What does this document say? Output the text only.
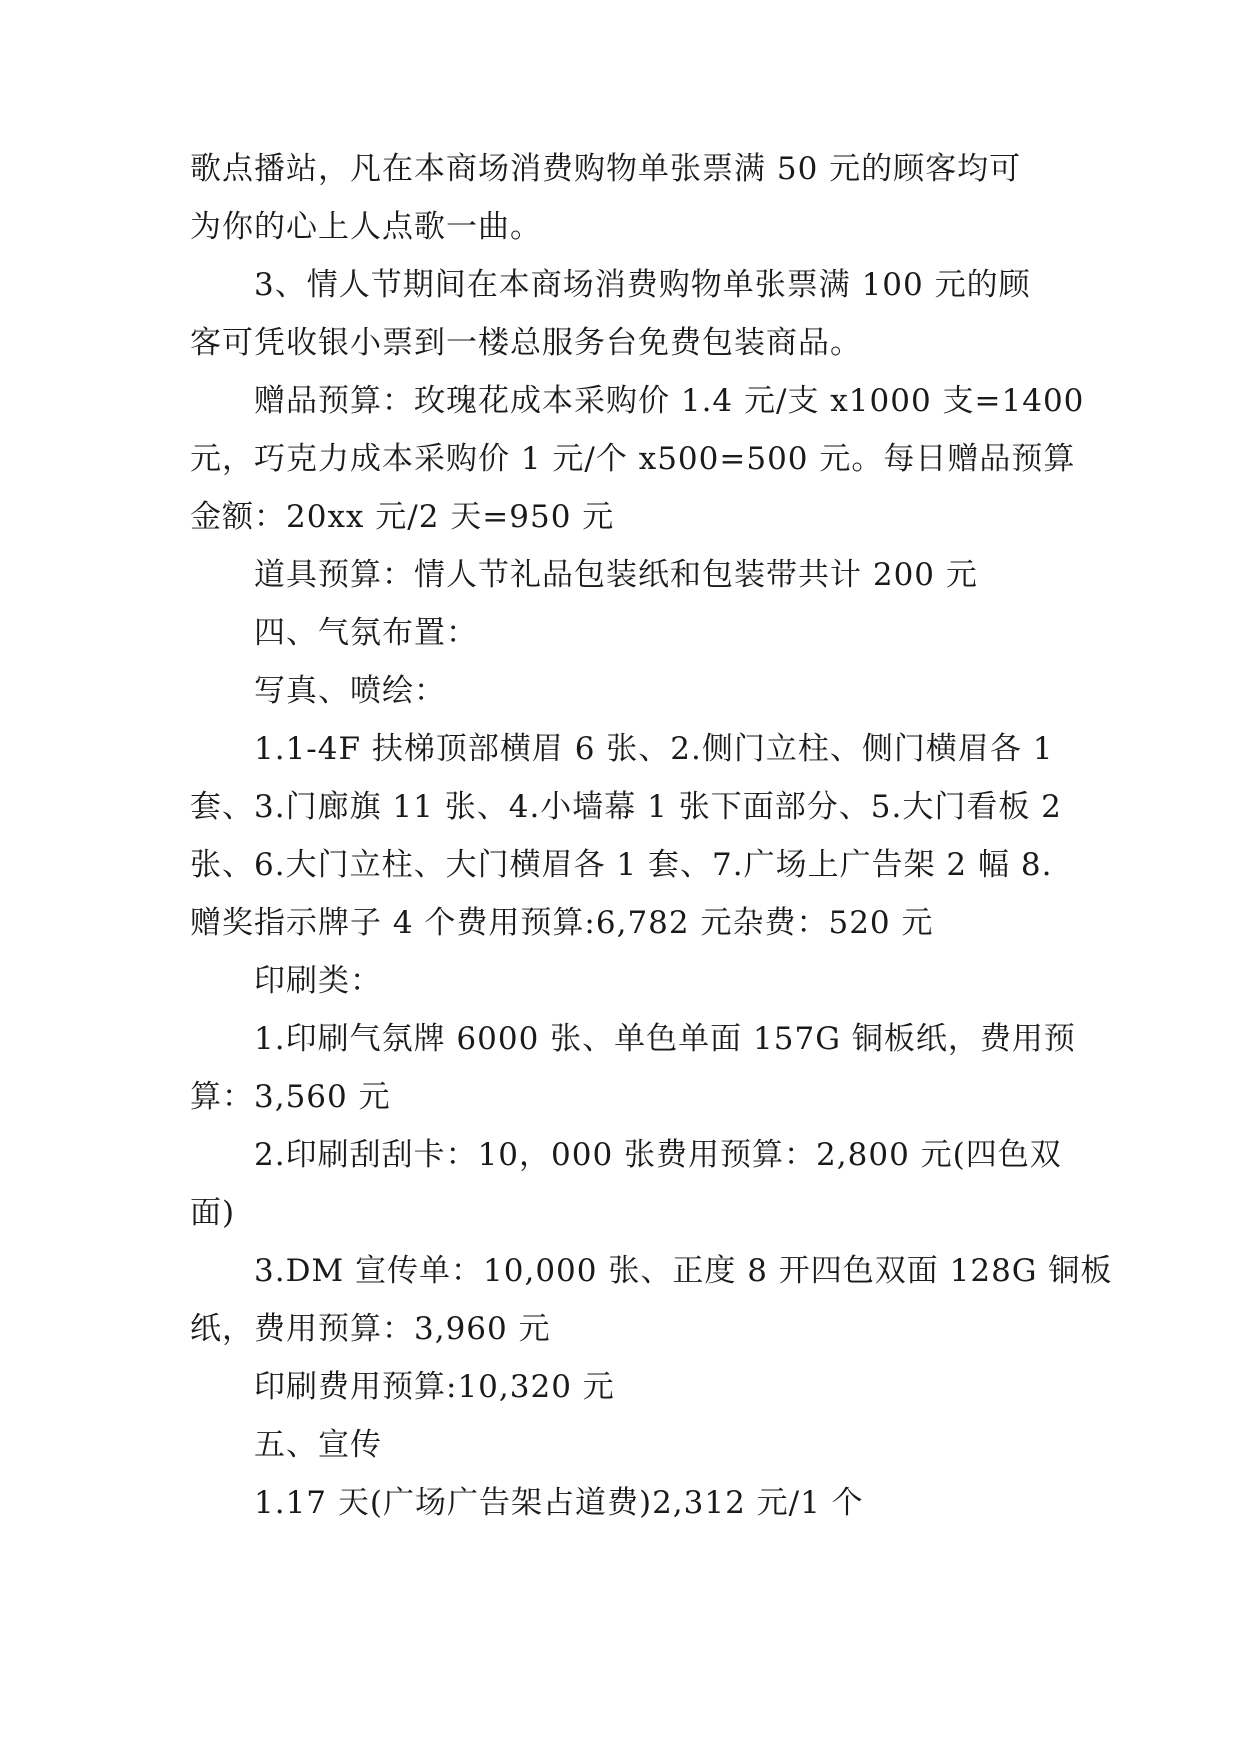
歌点播站，凡在本商场消费购物单张票满 50 元的顾客均可
为你的心上人点歌一曲。
3、情人节期间在本商场消费购物单张票满 100 元的顾
客可凭收银小票到一楼总服务台免费包装商品。
赠品预算：玫瑰花成本采购价 1.4 元/支 x1000 支=1400
元，巧克力成本采购价 1 元/个 x500=500 元。每日赠品预算
金额：20xx 元/2 天=950 元
道具预算：情人节礼品包装纸和包装带共计 200 元
四、气氛布置：
写真、喷绘：
1.1-4F 扶梯顶部横眉 6 张、2.侧门立柱、侧门横眉各 1
套、3.门廊旗 11 张、4.小墙幕 1 张下面部分、5.大门看板 2
张、6.大门立柱、大门横眉各 1 套、7.广场上广告架 2 幅 8.
赠奖指示牌子 4 个费用预算:6,782 元杂费：520 元
印刷类：
1.印刷气氛牌 6000 张、单色单面 157G 铜板纸，费用预
算：3,560 元
2.印刷刮刮卡：10，000 张费用预算：2,800 元(四色双
面)
3.DM 宣传单：10,000 张、正度 8 开四色双面 128G 铜板
纸，费用预算：3,960 元
印刷费用预算:10,320 元
五、宣传
1.17 天(广场广告架占道费)2,312 元/1 个
